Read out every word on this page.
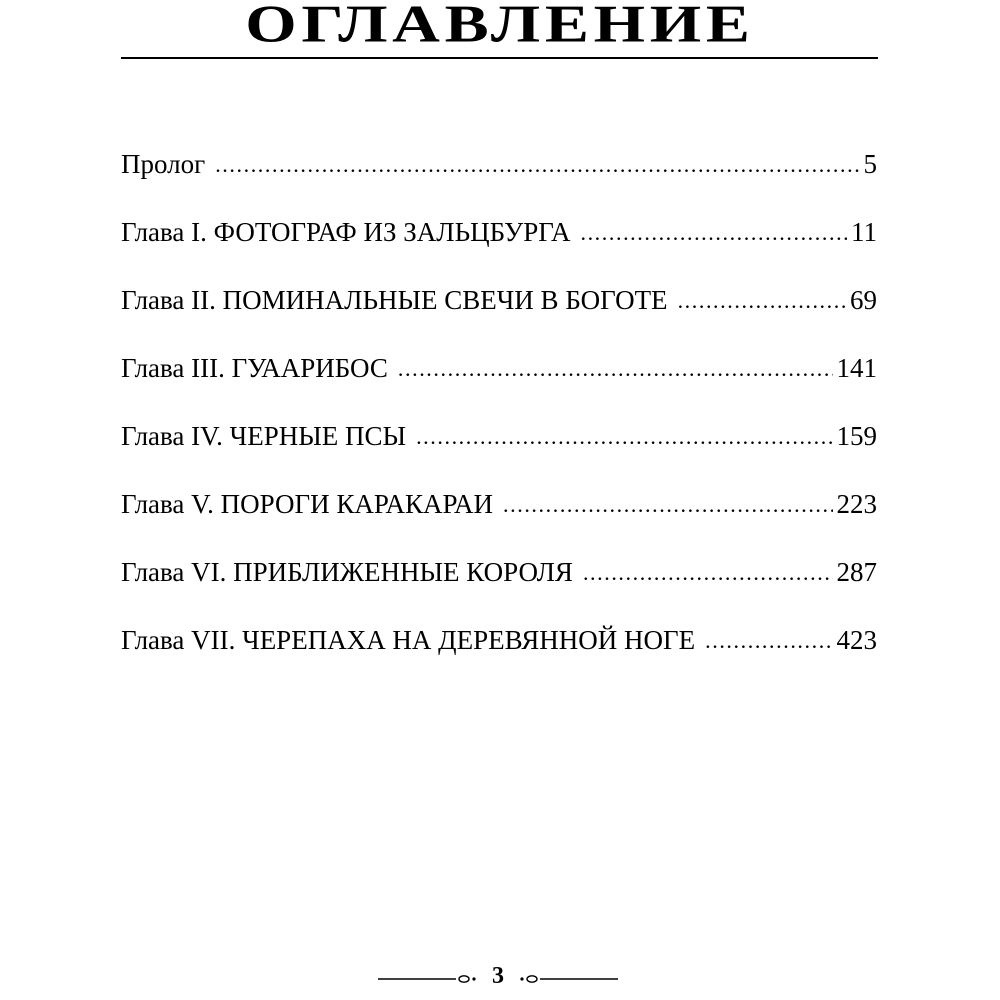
ОГЛАВЛЕНИЕ
Пролог .....	5
Глава I. ФОТОГРАФ ИЗ ЗАЛЬЦБУРГА .....	11
Глава II. ПОМИНАЛЬНЫЕ СВЕЧИ В БОГОТЕ .....	69
Глава III. ГУААРИБОС .....	141
Глава IV. ЧЕРНЫЕ ПСЫ .....	159
Глава V. ПОРОГИ КАРАКАРАИ .....	223
Глава VI. ПРИБЛИЖЕННЫЕ КОРОЛЯ .....	287
Глава VII. ЧЕРЕПАХА НА ДЕРЕВЯННОЙ НОГЕ .....	423
3
